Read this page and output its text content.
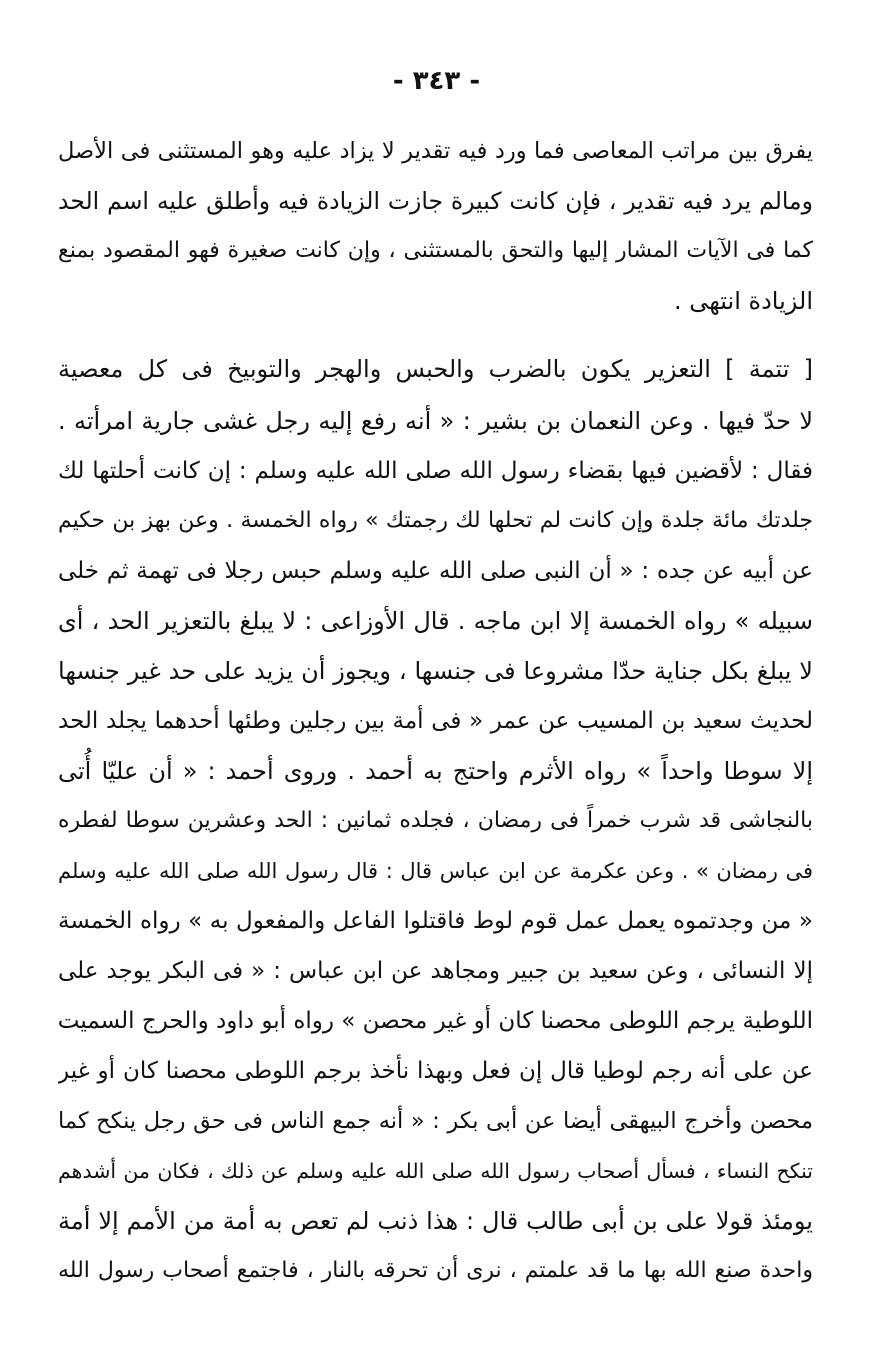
- ٣٤٣ -
يفرق بين مراتب المعاصى فما ورد فيه تقدير لا يزاد عليه وهو المستثنى فى الأصل
ومالم يرد فيه تقدير ، فإن كانت كبيرة جازت الزيادة فيه وأطلق عليه اسم الحد
كما فى الآيات المشار إليها والتحق بالمستثنى ، وإن كانت صغيرة فهو المقصود بمنع
الزيادة انتهى .
[ تتمة ] التعزير يكون بالضرب والحبس والهجر والتوبيخ فى كل معصية
لا حدّ فيها . وعن النعمان بن بشير : « أنه رفع إليه رجل غشى جارية امرأته .
فقال : لأقضين فيها بقضاء رسول الله صلى الله عليه وسلم : إن كانت أحلتها لك
جلدتك مائة جلدة وإن كانت لم تحلها لك رجمتك » رواه الخمسة . وعن بهز بن حكيم
عن أبيه عن جده : « أن النبى صلى الله عليه وسلم حبس رجلا فى تهمة ثم خلى
سبيله » رواه الخمسة إلا ابن ماجه . قال الأوزاعى : لا يبلغ بالتعزير الحد ، أى
لا يبلغ بكل جناية حدّا مشروعا فى جنسها ، ويجوز أن يزيد على حد غير جنسها
لحديث سعيد بن المسيب عن عمر « فى أمة بين رجلين وطئها أحدهما يجلد الحد
إلا سوطا واحداً » رواه الأثرم واحتج به أحمد . وروى أحمد : « أن عليّا أُتى
بالنجاشى قد شرب خمراً فى رمضان ، فجلده ثمانين : الحد وعشرين سوطا لفطره
فى رمضان » . وعن عكرمة عن ابن عباس قال : قال رسول الله صلى الله عليه وسلم
« من وجدتموه يعمل عمل قوم لوط فاقتلوا الفاعل والمفعول به » رواه الخمسة
إلا النسائى ، وعن سعيد بن جبير ومجاهد عن ابن عباس : « فى البكر يوجد على
اللوطية يرجم اللوطى محصنا كان أو غير محصن » رواه أبو داود والحرج السميت
عن على أنه رجم لوطيا قال إن فعل وبهذا نأخذ برجم اللوطى محصنا كان أو غير
محصن وأخرج البيهقى أيضا عن أبى بكر : « أنه جمع الناس فى حق رجل ينكح كما
تنكح النساء ، فسأل أصحاب رسول الله صلى الله عليه وسلم عن ذلك ، فكان من أشدهم
يومئذ قولا على بن أبى طالب قال : هذا ذنب لم تعص به أمة من الأمم إلا أمة
واحدة صنع الله بها ما قد علمتم ، نرى أن تحرقه بالنار ، فاجتمع أصحاب رسول الله
